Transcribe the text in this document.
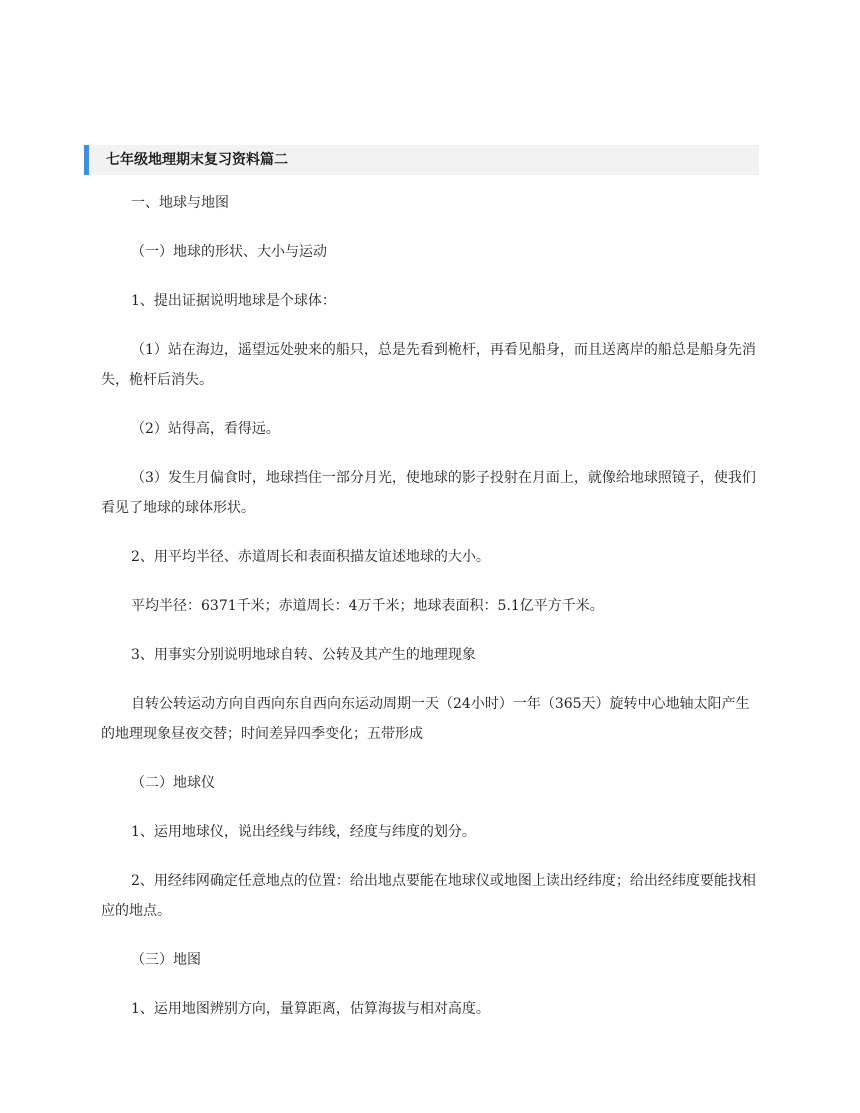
七年级地理期末复习资料篇二

一、地球与地图

（一）地球的形状、大小与运动

1、提出证据说明地球是个球体：

（1）站在海边，遥望远处驶来的船只，总是先看到桅杆，再看见船身，而且送离岸的船总是船身先消失，桅杆后消失。

（2）站得高，看得远。

（3）发生月偏食时，地球挡住一部分月光，使地球的影子投射在月面上，就像给地球照镜子，使我们看见了地球的球体形状。

2、用平均半径、赤道周长和表面积描友谊述地球的大小。

平均半径：6371千米；赤道周长：4万千米；地球表面积：5.1亿平方千米。

3、用事实分别说明地球自转、公转及其产生的地理现象

自转公转运动方向自西向东自西向东运动周期一天（24小时）一年（365天）旋转中心地轴太阳产生的地理现象昼夜交替；时间差异四季变化；五带形成

（二）地球仪

1、运用地球仪，说出经线与纬线，经度与纬度的划分。

2、用经纬网确定任意地点的位置：给出地点要能在地球仪或地图上读出经纬度；给出经纬度要能找相应的地点。

（三）地图

1、运用地图辨别方向，量算距离，估算海拔与相对高度。
